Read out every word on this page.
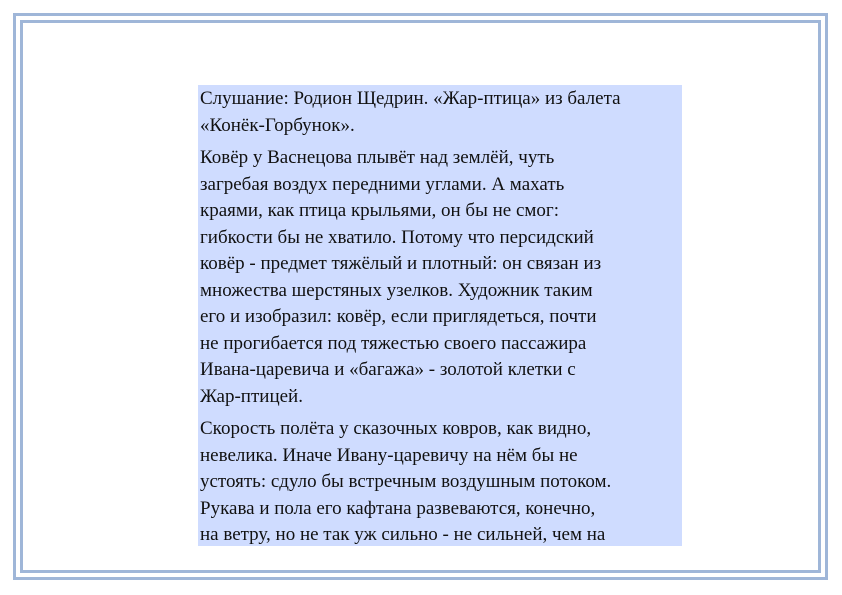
Слушание: Родион Щедрин. «Жар-птица» из балета
«Конёк-Горбунок».

Ковёр у Васнецова плывёт над землёй, чуть
загребая воздух передними углами. А махать
краями, как птица крыльями, он бы не смог:
гибкости бы не хватило. Потому что персидский
ковёр - предмет тяжёлый и плотный: он связан из
множества шерстяных узелков. Художник таким
его и изобразил: ковёр, если приглядеться, почти
не прогибается под тяжестью своего пассажира
Ивана-царевича и «багажа» - золотой клетки с
Жар-птицей.

Скорость полёта у сказочных ковров, как видно,
невелика. Иначе Ивану-царевичу на нём бы не
устоять: сдуло бы встречным воздушным потоком.
Рукава и пола его кафтана развеваются, конечно,
на ветру, но не так уж сильно - не сильней, чем на
